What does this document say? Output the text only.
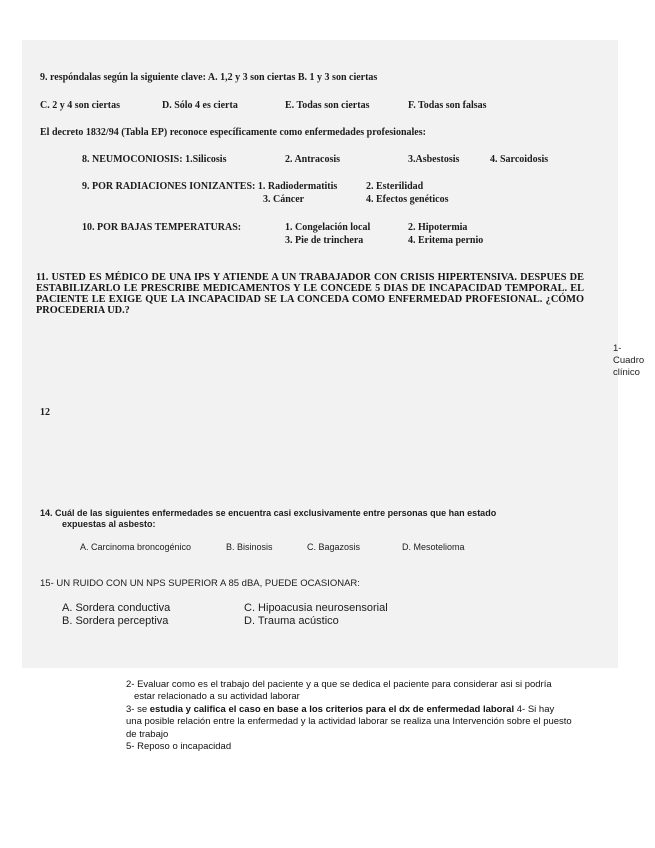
9. respóndalas según la siguiente clave: A. 1,2 y 3 son ciertas B. 1 y 3 son ciertas
C. 2 y 4 son ciertas	D. Sólo 4 es cierta	E. Todas son ciertas	F. Todas son falsas
El decreto 1832/94 (Tabla EP) reconoce específicamente como enfermedades profesionales:
8. NEUMOCONIOSIS: 1.Silicosis	2. Antracosis	3.Asbestosis	4. Sarcoidosis
9. POR RADIACIONES IONIZANTES: 1. Radiodermatitis	2. Esterilidad
3. Cáncer	4. Efectos genéticos
10. POR BAJAS TEMPERATURAS:	1. Congelación local	2. Hipotermia
3. Pie de trinchera	4. Eritema pernio
11. USTED ES MÉDICO DE UNA IPS Y ATIENDE A UN TRABAJADOR CON CRISIS HIPERTENSIVA. DESPUES DE ESTABILIZARLO LE PRESCRIBE MEDICAMENTOS Y LE CONCEDE 5 DIAS DE INCAPACIDAD TEMPORAL. EL PACIENTE LE EXIGE QUE LA INCAPACIDAD SE LA CONCEDA COMO ENFERMEDAD PROFESIONAL. ¿CÓMO PROCEDERIA UD.?
1-
Cuadro
clínico
12
14. Cuál de las siguientes enfermedades se encuentra casi exclusivamente entre personas que han estado
expuestas al asbesto:
A. Carcinoma broncogénico	B. Bisinosis	C. Bagazosis	D. Mesotelioma
15- UN RUIDO CON UN NPS SUPERIOR A 85 dBA, PUEDE OCASIONAR:
A. Sordera conductiva
B. Sordera perceptiva
C. Hipoacusia neurosensorial
D. Trauma acústico

2- Evaluar como es el trabajo del paciente y a que se dedica el paciente para considerar asi si podría

estar relacionado a su actividad laborar

3- se estudia y califica el caso en base a los criterios para el dx de enfermedad laboral 4- Si hay

una posible relación entre la enfermedad y la actividad laborar se realiza una Intervención sobre el puesto

de trabajo

5- Reposo o incapacidad
